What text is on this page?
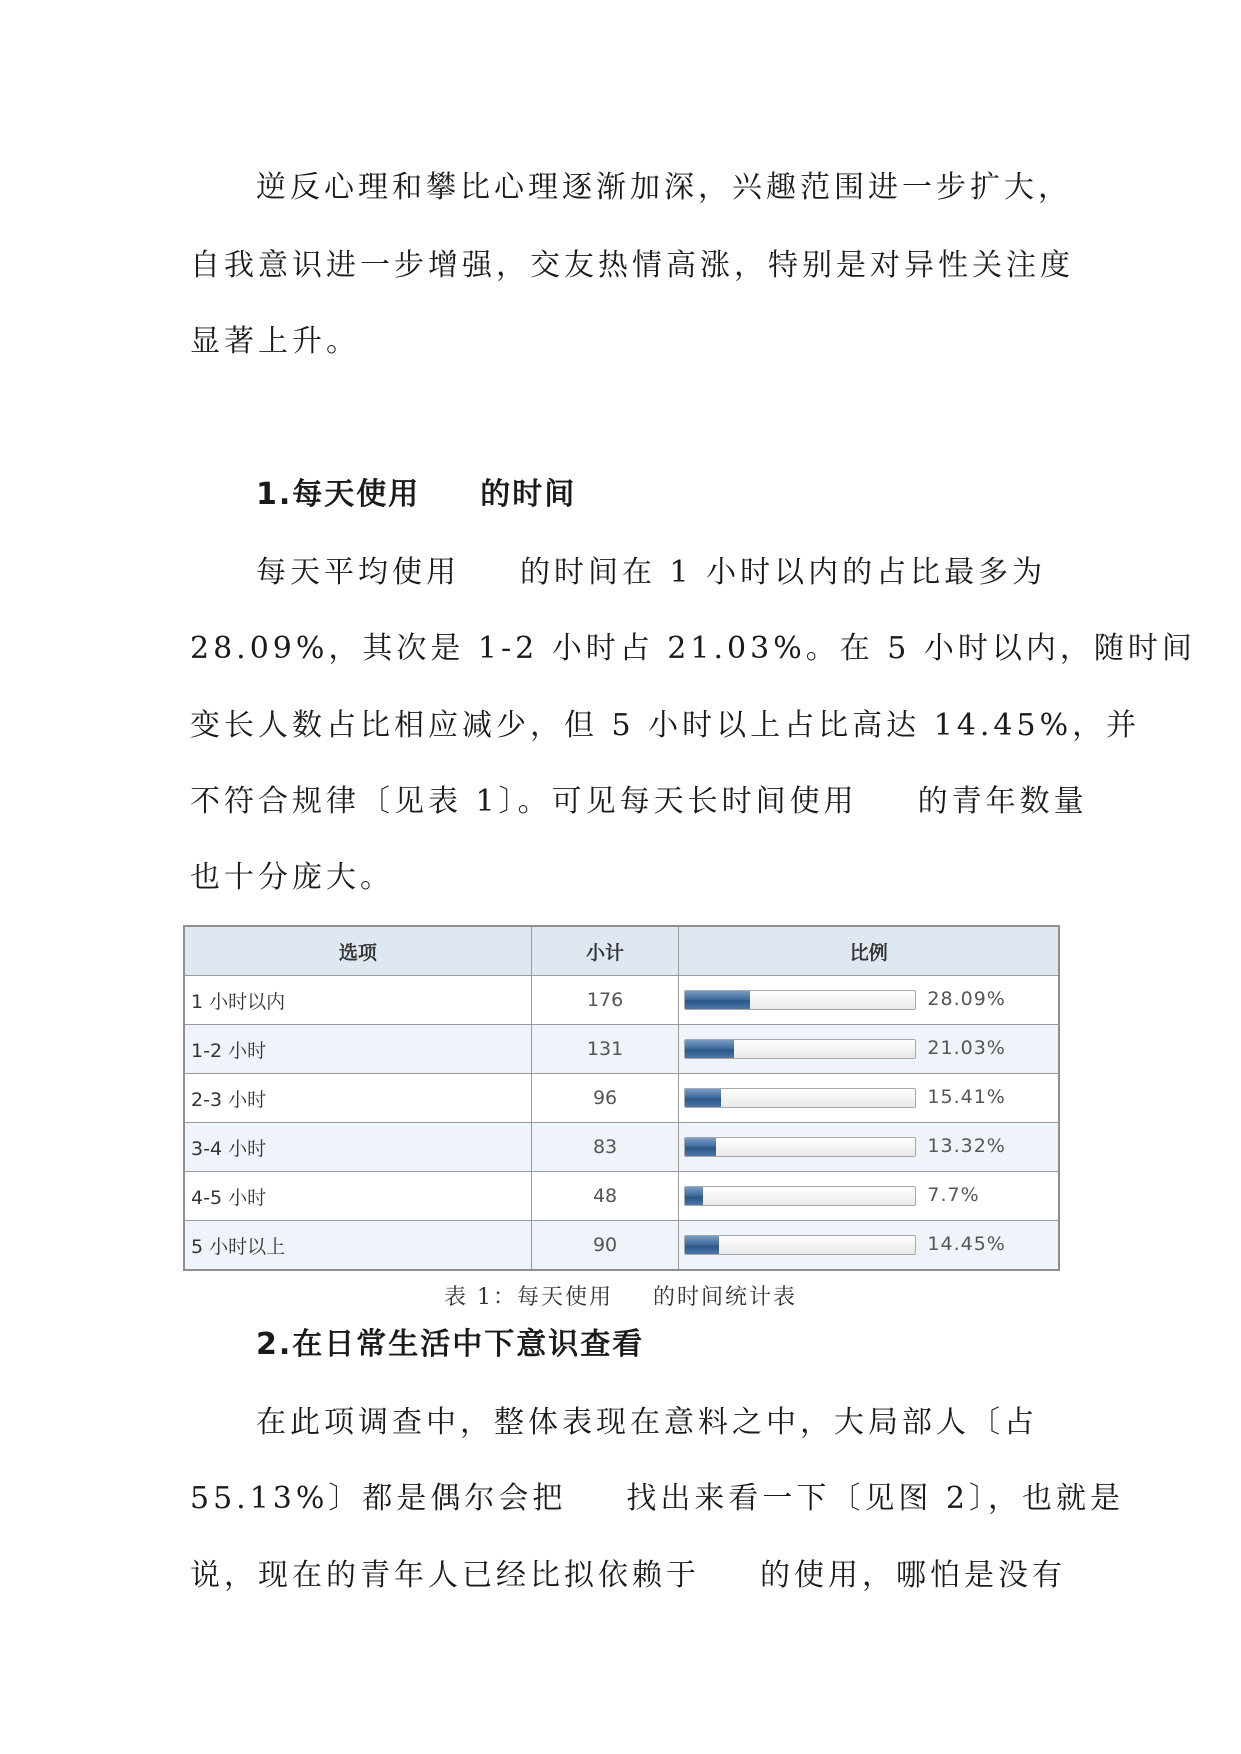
逆反心理和攀比心理逐渐加深，兴趣范围进一步扩大，

自我意识进一步增强，交友热情高涨，特别是对异性关注度

显著上升。

1.每天使用 的时间

每天平均使用 的时间在 1 小时以内的占比最多为

28.09%，其次是 1-2 小时占 21.03%。在 5 小时以内，随时间

变长人数占比相应减少，但 5 小时以上占比高达 14.45%，并

不符合规律〔见表 1〕。可见每天长时间使用 的青年数量

也十分庞大。

选项	小计	比例
1 小时以内	176	28.09%

1-2 小时	131	21.03%

2-3 小时	96	15.41%

3-4 小时	83	13.32%

4-5 小时	48	7.7%

5 小时以上	90	14.45%
表 1：每天使用 的时间统计表

2.在日常生活中下意识查看

在此项调查中，整体表现在意料之中，大局部人〔占

55.13%〕都是偶尔会把 找出来看一下〔见图 2〕，也就是

说，现在的青年人已经比拟依赖于 的使用，哪怕是没有
